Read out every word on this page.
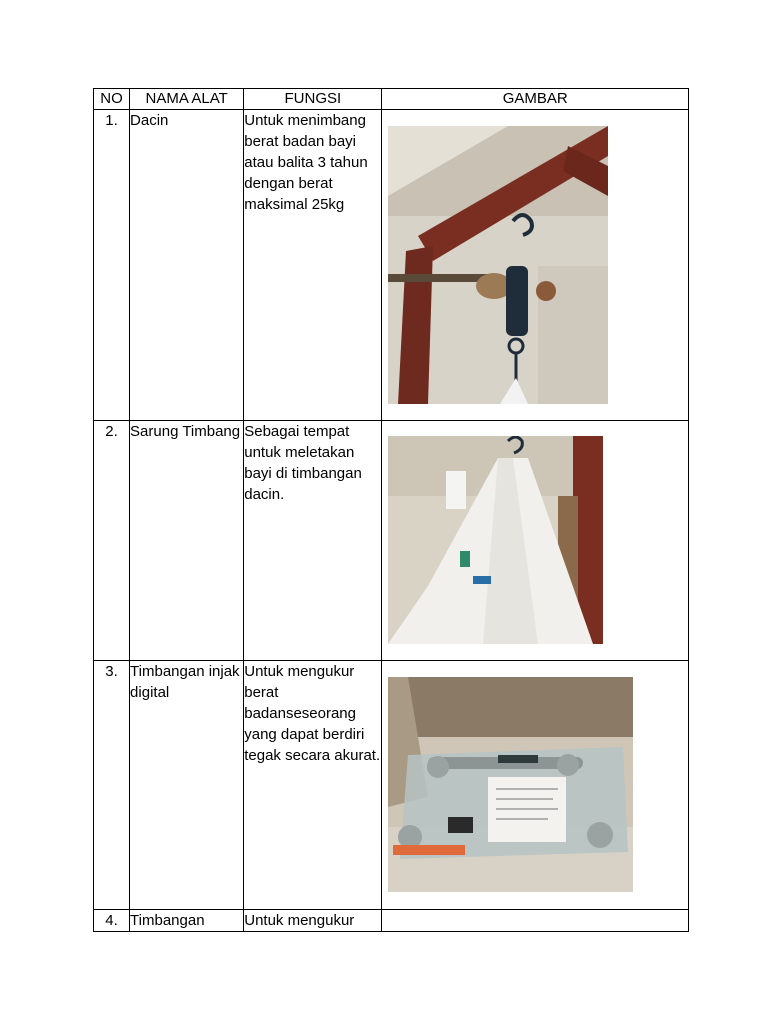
NO	NAMA ALAT	FUNGSI	GAMBAR
1.	Dacin	Untuk menimbang berat badan bayi atau balita 3 tahun dengan berat maksimal 25kg	

2.	Sarung Timbang	Sebagai tempat untuk meletakan bayi di timbangan dacin.	

3.	Timbangan injak digital	Untuk mengukur berat badanseseorang yang dapat berdiri tegak secara akurat.	

4.	Timbangan	Untuk mengukur	
